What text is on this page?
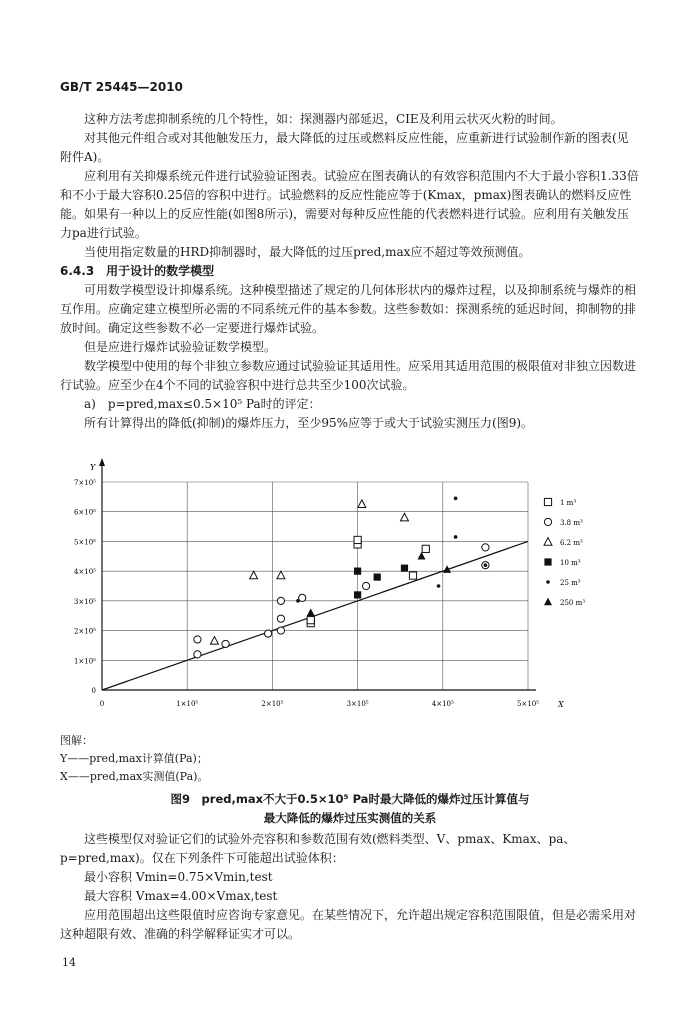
GB/T 25445—2010

这种方法考虑抑制系统的几个特性，如：探测器内部延迟，CIE及利用云状灭火粉的时间。

对其他元件组合或对其他触发压力，最大降低的过压或燃料反应性能，应重新进行试验制作新的图表(见附件A)。

应利用有关抑爆系统元件进行试验验证图表。试验应在图表确认的有效容积范围内不大于最小容积1.33倍和不小于最大容积0.25倍的容积中进行。试验燃料的反应性能应等于(Kmax，pmax)图表确认的燃料反应性能。如果有一种以上的反应性能(如图8所示)，需要对每种反应性能的代表燃料进行试验。应利用有关触发压力pa进行试验。

当使用指定数量的HRD抑制器时，最大降低的过压pred,max应不超过等效预测值。

6.4.3　用于设计的数学模型

可用数学模型设计抑爆系统。这种模型描述了规定的几何体形状内的爆炸过程，以及抑制系统与爆炸的相互作用。应确定建立模型所必需的不同系统元件的基本参数。这些参数如：探测系统的延迟时间，抑制物的排放时间。确定这些参数不必一定要进行爆炸试验。

但是应进行爆炸试验验证数学模型。

数学模型中使用的每个非独立参数应通过试验验证其适用性。应采用其适用范围的极限值对非独立因数进行试验。应至少在4个不同的试验容积中进行总共至少100次试验。

a)　p=pred,max≤0.5×10⁵ Pa时的评定：

所有计算得出的降低(抑制)的爆炸压力，至少95%应等于或大于试验实测压力(图9)。

Y
X
0	1×10⁵	2×10⁵	3×10⁵	4×10⁵	5×10⁵
0
1×10⁵
2×10⁵
3×10⁵
4×10⁵
5×10⁵
6×10⁵
7×10⁵
1 m³
3.8 m³
6.2 m³
10 m³
25 m³
250 m³

图解：

Y——pred,max计算值(Pa)；

X——pred,max实测值(Pa)。

图9　pred,max不大于0.5×10⁵ Pa时最大降低的爆炸过压计算值与
最大降低的爆炸过压实测值的关系

这些模型仅对验证它们的试验外壳容积和参数范围有效(燃料类型、V、pmax、Kmax、pa、p=pred,max)。仅在下列条件下可能超出试验体积：

最小容积 Vmin=0.75×Vmin,test

最大容积 Vmax=4.00×Vmax,test

应用范围超出这些限值时应咨询专家意见。在某些情况下，允许超出规定容积范围限值，但是必需采用对这种超限有效、准确的科学解释证实才可以。

14
